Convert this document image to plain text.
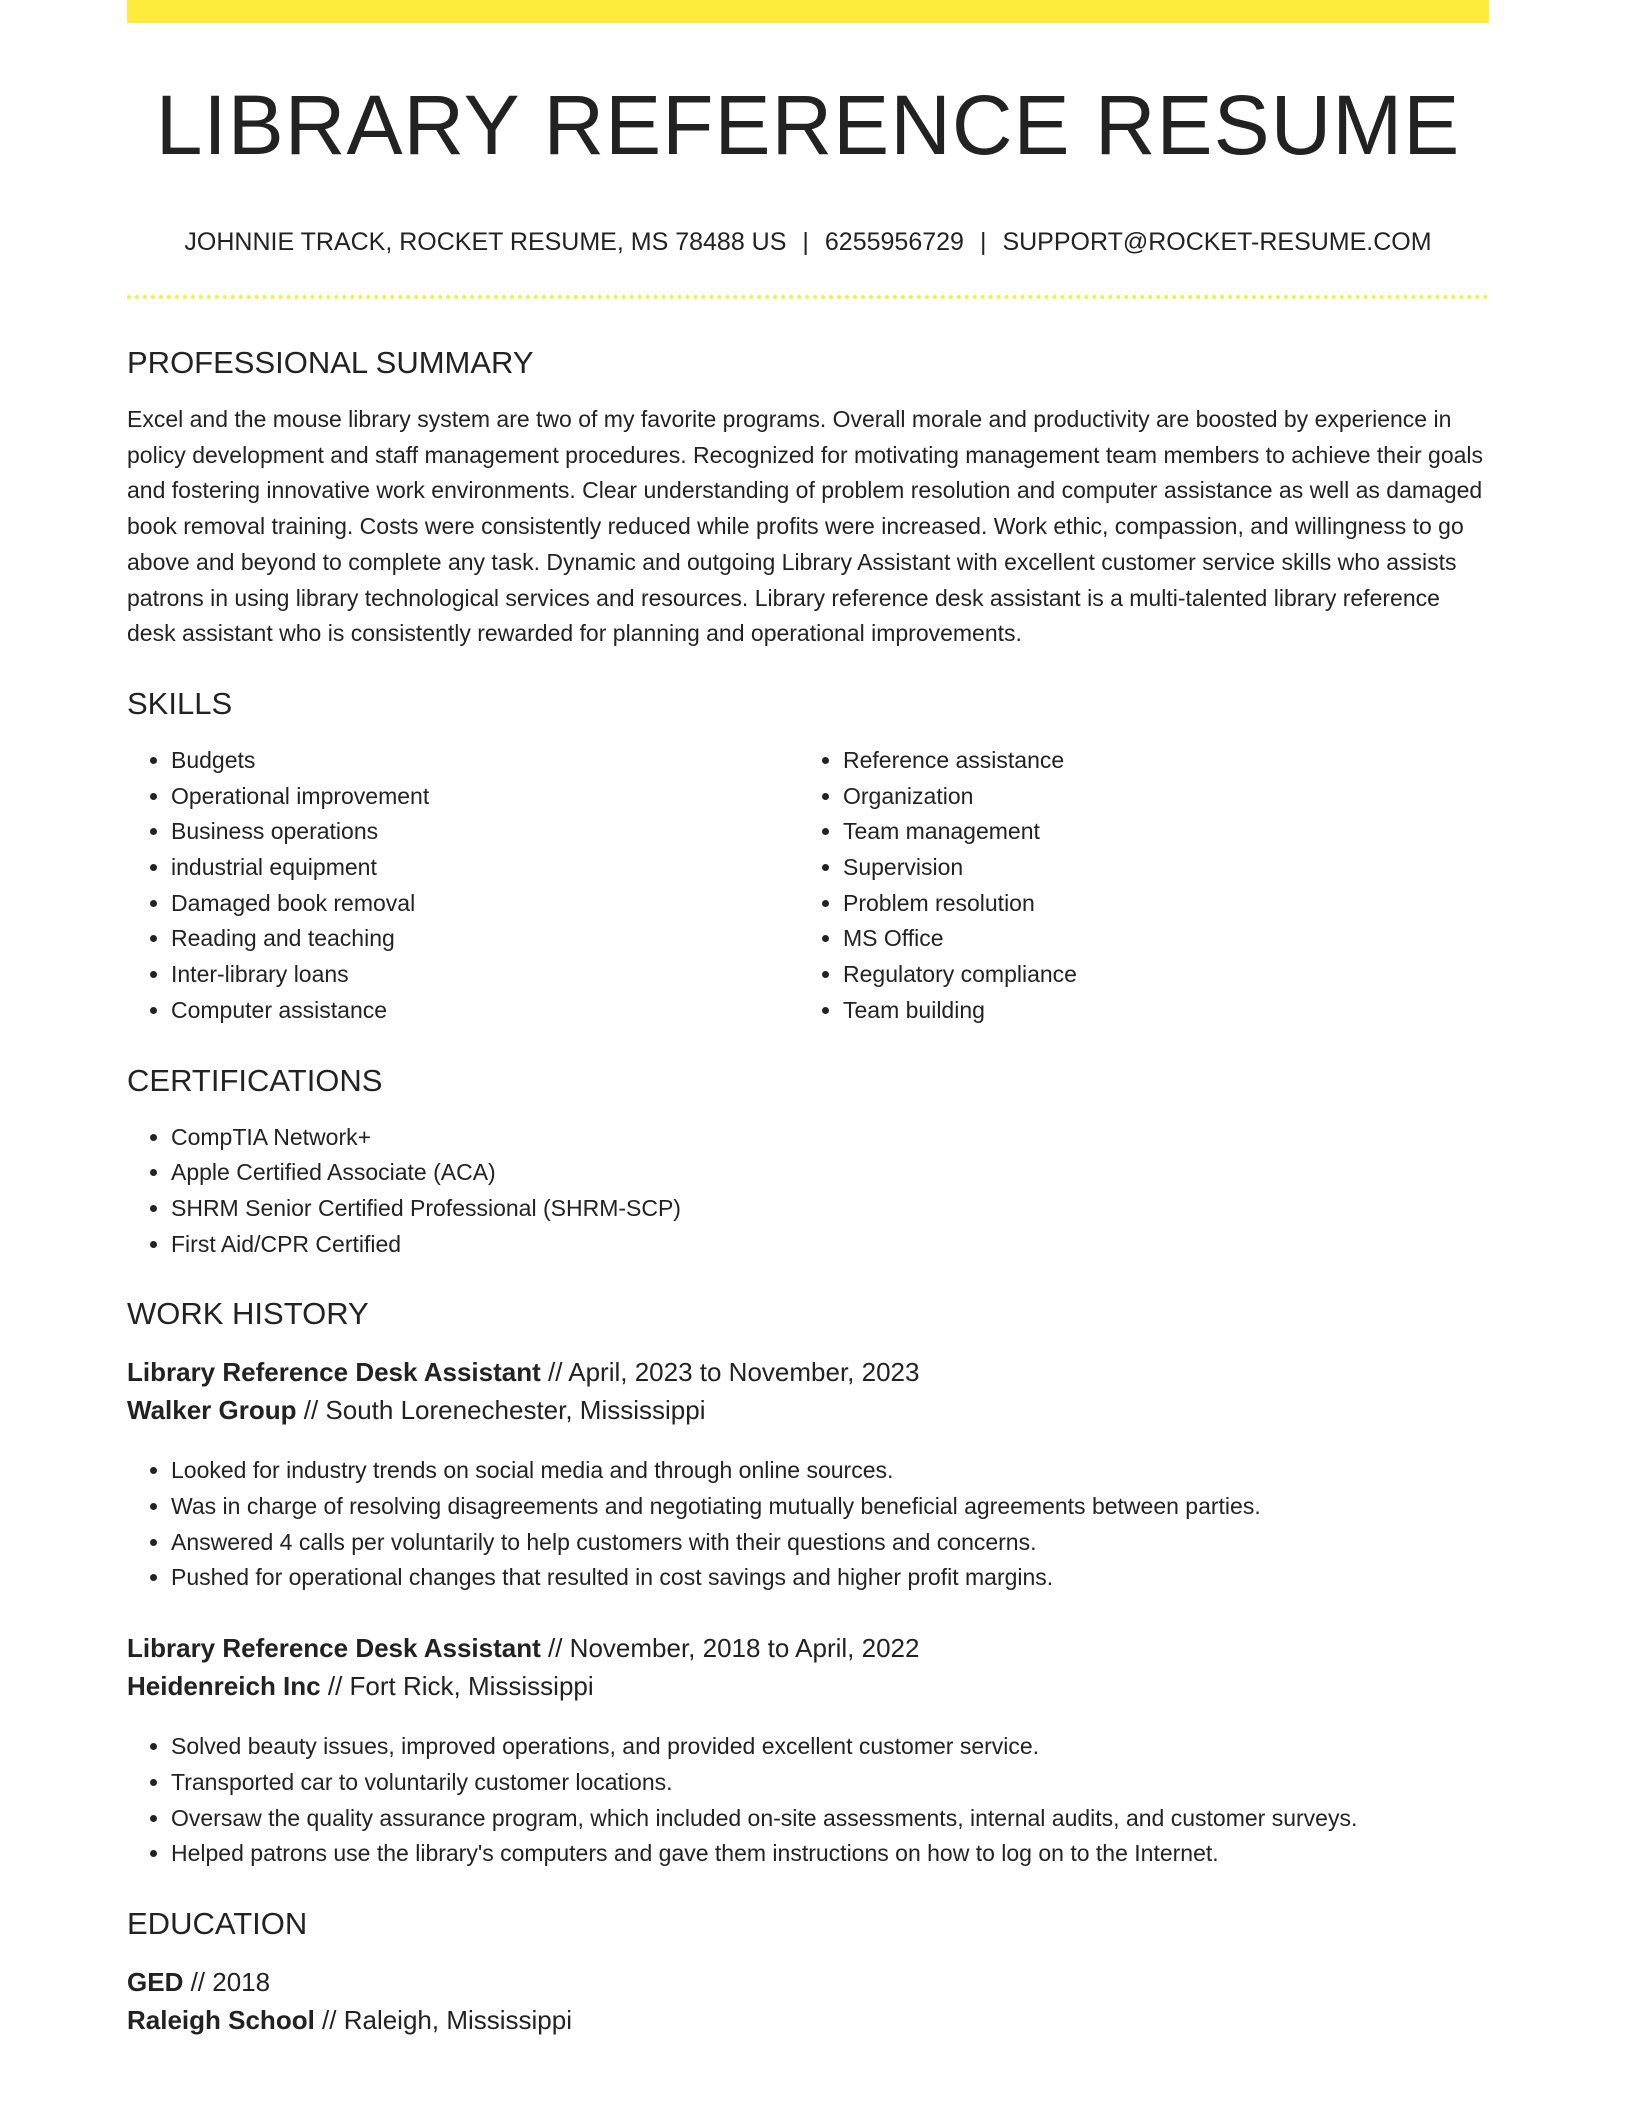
LIBRARY REFERENCE RESUME
JOHNNIE TRACK, ROCKET RESUME, MS 78488 US | 6255956729 | SUPPORT@ROCKET-RESUME.COM
PROFESSIONAL SUMMARY

Excel and the mouse library system are two of my favorite programs. Overall morale and productivity are boosted by experience in policy development and staff management procedures. Recognized for motivating management team members to achieve their goals and fostering innovative work environments. Clear understanding of problem resolution and computer assistance as well as damaged book removal training. Costs were consistently reduced while profits were increased. Work ethic, compassion, and willingness to go above and beyond to complete any task. Dynamic and outgoing Library Assistant with excellent customer service skills who assists patrons in using library technological services and resources. Library reference desk assistant is a multi-talented library reference desk assistant who is consistently rewarded for planning and operational improvements.

SKILLS
• Budgets
• Operational improvement
• Business operations
• industrial equipment
• Damaged book removal
• Reading and teaching
• Inter-library loans
• Computer assistance
• Reference assistance
• Organization
• Team management
• Supervision
• Problem resolution
• MS Office
• Regulatory compliance
• Team building
CERTIFICATIONS
• CompTIA Network+
• Apple Certified Associate (ACA)
• SHRM Senior Certified Professional (SHRM-SCP)
• First Aid/CPR Certified
WORK HISTORY
Library Reference Desk Assistant // April, 2023 to November, 2023
Walker Group // South Lorenechester, Mississippi
• Looked for industry trends on social media and through online sources.
• Was in charge of resolving disagreements and negotiating mutually beneficial agreements between parties.
• Answered 4 calls per voluntarily to help customers with their questions and concerns.
• Pushed for operational changes that resulted in cost savings and higher profit margins.
Library Reference Desk Assistant // November, 2018 to April, 2022
Heidenreich Inc // Fort Rick, Mississippi
• Solved beauty issues, improved operations, and provided excellent customer service.
• Transported car to voluntarily customer locations.
• Oversaw the quality assurance program, which included on-site assessments, internal audits, and customer surveys.
• Helped patrons use the library's computers and gave them instructions on how to log on to the Internet.
EDUCATION
GED // 2018
Raleigh School // Raleigh, Mississippi
